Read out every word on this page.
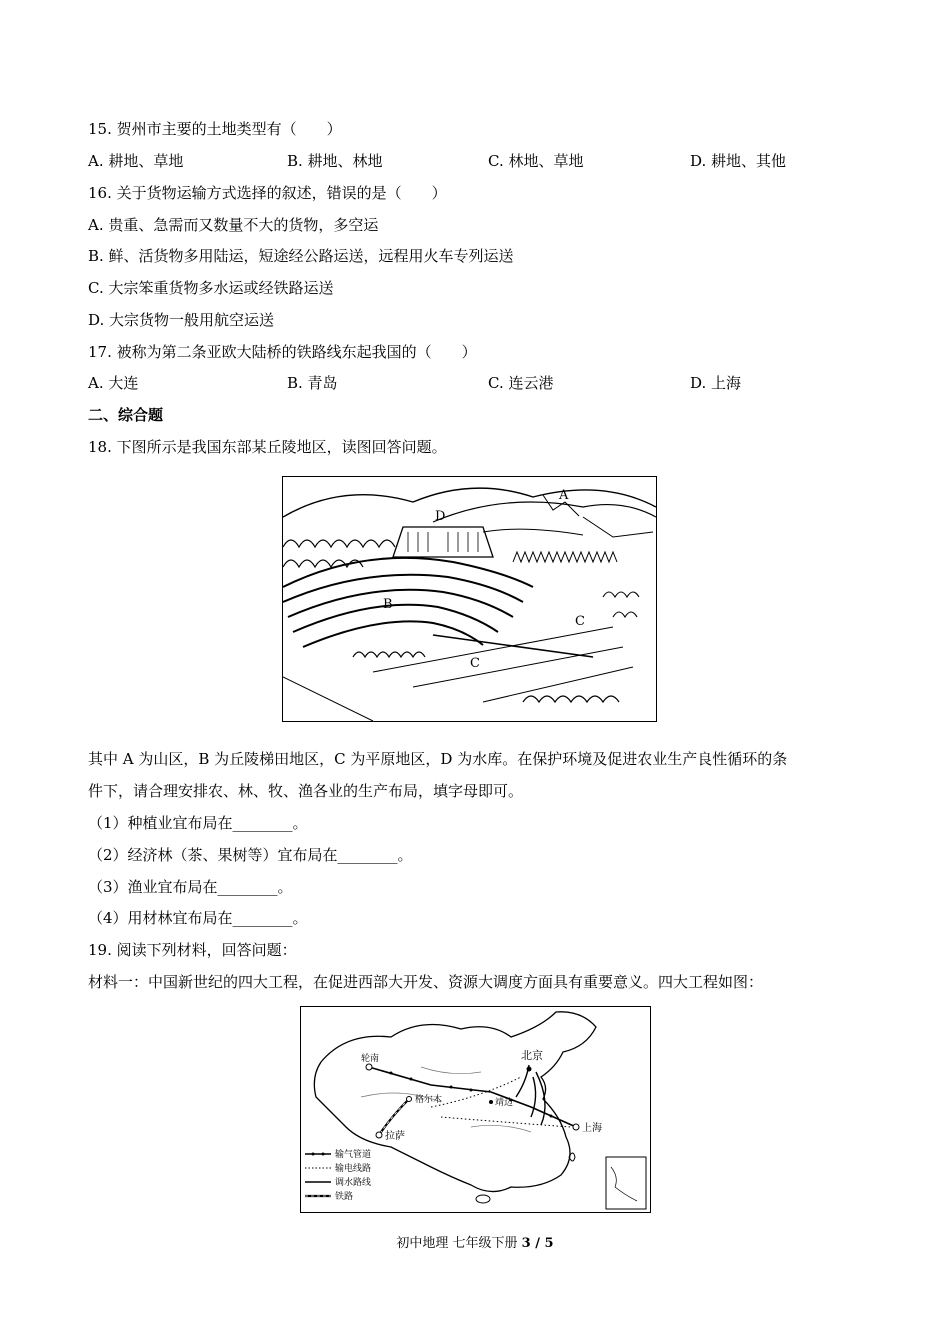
15. 贺州市主要的土地类型有（　　）
A. 耕地、草地	B. 耕地、林地	C. 林地、草地	D. 耕地、其他
16. 关于货物运输方式选择的叙述，错误的是（　　）
A. 贵重、急需而又数量不大的货物，多空运
B. 鲜、活货物多用陆运，短途经公路运送，远程用火车专列运送
C. 大宗笨重货物多水运或经铁路运送
D. 大宗货物一般用航空运送
17. 被称为第二条亚欧大陆桥的铁路线东起我国的（　　）
A. 大连	B. 青岛	C. 连云港	D. 上海
二、综合题
18. 下图所示是我国东部某丘陵地区，读图回答问题。
A
B
C
C
D
其中 A 为山区，B 为丘陵梯田地区，C 为平原地区，D 为水库。在保护环境及促进农业生产良性循环的条
件下，请合理安排农、林、牧、渔各业的生产布局，填字母即可。
（1）种植业宜布局在________。
（2）经济林（茶、果树等）宜布局在________。
（3）渔业宜布局在________。
（4）用材林宜布局在________。
19. 阅读下列材料，回答问题：
材料一：中国新世纪的四大工程，在促进西部大开发、资源大调度方面具有重要意义。四大工程如图：
轮南	北京
格尔木	靖边
上海
拉萨
输气管道
输电线路
调水路线
铁路
初中地理 七年级下册 3 / 5
